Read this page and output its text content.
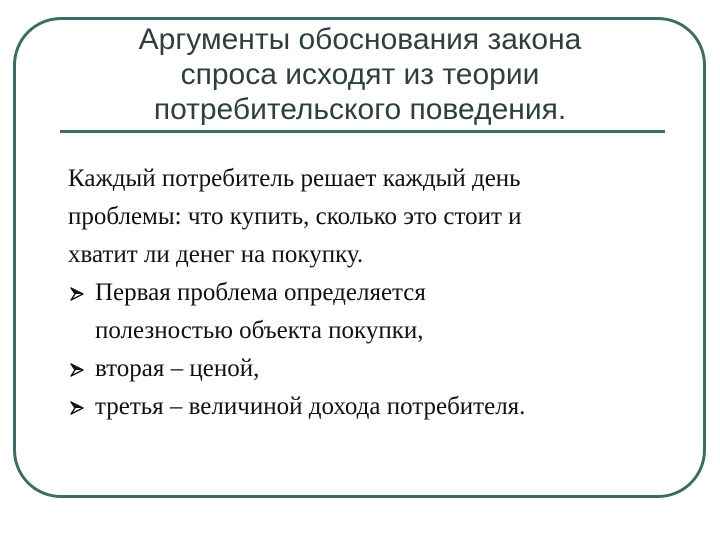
Аргументы обоснования закона
спроса исходят из теории
потребительского поведения.

Каждый потребитель решает каждый день
проблемы: что купить, сколько это стоит и
хватит ли денег на покупку.

Первая проблема определяется
полезностью объекта покупки,
вторая – ценой,
третья – величиной дохода потребителя.
